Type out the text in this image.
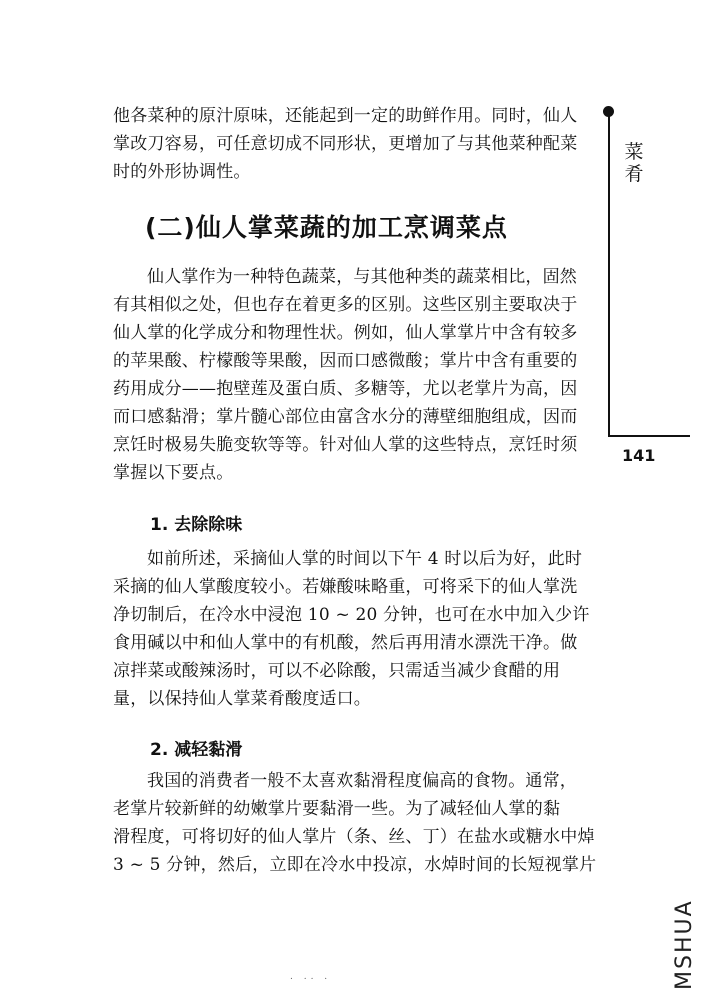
他各菜种的原汁原味，还能起到一定的助鲜作用。同时，仙人
掌改刀容易，可任意切成不同形状，更增加了与其他菜种配菜
时的外形协调性。
(二)仙人掌菜蔬的加工烹调菜点
仙人掌作为一种特色蔬菜，与其他种类的蔬菜相比，固然
有其相似之处，但也存在着更多的区别。这些区别主要取决于
仙人掌的化学成分和物理性状。例如，仙人掌掌片中含有较多
的苹果酸、柠檬酸等果酸，因而口感微酸；掌片中含有重要的
药用成分——抱壁莲及蛋白质、多糖等，尤以老掌片为高，因
而口感黏滑；掌片髓心部位由富含水分的薄壁细胞组成，因而
烹饪时极易失脆变软等等。针对仙人掌的这些特点，烹饪时须
掌握以下要点。
1. 去除除味
如前所述，采摘仙人掌的时间以下午 4 时以后为好，此时
采摘的仙人掌酸度较小。若嫌酸味略重，可将采下的仙人掌洗
净切制后，在冷水中浸泡 10 ~ 20 分钟，也可在水中加入少许
食用碱以中和仙人掌中的有机酸，然后再用清水漂洗干净。做
凉拌菜或酸辣汤时，可以不必除酸，只需适当减少食醋的用
量，以保持仙人掌菜肴酸度适口。
2. 减轻黏滑
我国的消费者一般不太喜欢黏滑程度偏高的食物。通常，
老掌片较新鲜的幼嫩掌片要黏滑一些。为了减轻仙人掌的黏
滑程度，可将切好的仙人掌片（条、丝、丁）在盐水或糖水中焯
3 ~ 5 分钟，然后，立即在冷水中投凉，水焯时间的长短视掌片
菜
肴
141
. .. .	MSHUA
